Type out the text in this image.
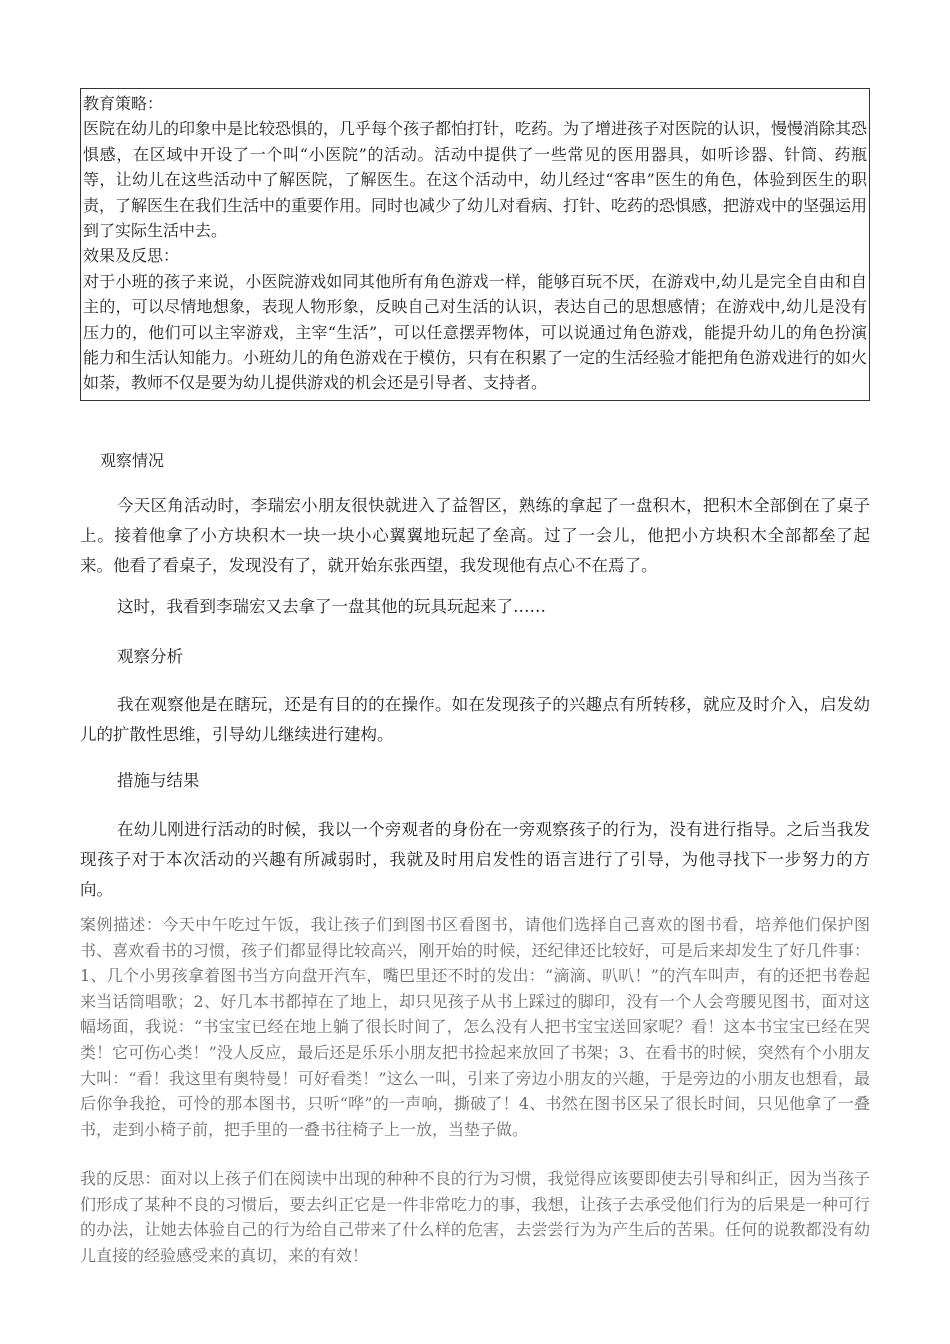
教育策略：

医院在幼儿的印象中是比较恐惧的，几乎每个孩子都怕打针，吃药。为了增进孩子对医院的认识，慢慢消除其恐惧感，在区域中开设了一个叫“小医院”的活动。活动中提供了一些常见的医用器具，如听诊器、针筒、药瓶等，让幼儿在这些活动中了解医院，了解医生。在这个活动中，幼儿经过“客串”医生的角色，体验到医生的职责，了解医生在我们生活中的重要作用。同时也减少了幼儿对看病、打针、吃药的恐惧感，把游戏中的坚强运用到了实际生活中去。

效果及反思：

对于小班的孩子来说，小医院游戏如同其他所有角色游戏一样，能够百玩不厌，在游戏中,幼儿是完全自由和自主的，可以尽情地想象，表现人物形象，反映自己对生活的认识，表达自己的思想感情；在游戏中,幼儿是没有压力的，他们可以主宰游戏，主宰“生活”，可以任意摆弄物体，可以说通过角色游戏，能提升幼儿的角色扮演能力和生活认知能力。小班幼儿的角色游戏在于模仿，只有在积累了一定的生活经验才能把角色游戏进行的如火如荼，教师不仅是要为幼儿提供游戏的机会还是引导者、支持者。

观察情况

今天区角活动时，李瑞宏小朋友很快就进入了益智区，熟练的拿起了一盘积木，把积木全部倒在了桌子上。接着他拿了小方块积木一块一块小心翼翼地玩起了垒高。过了一会儿，他把小方块积木全部都垒了起来。他看了看桌子，发现没有了，就开始东张西望，我发现他有点心不在焉了。

这时，我看到李瑞宏又去拿了一盘其他的玩具玩起来了……

观察分析

我在观察他是在瞎玩，还是有目的的在操作。如在发现孩子的兴趣点有所转移，就应及时介入，启发幼儿的扩散性思维，引导幼儿继续进行建构。

措施与结果

在幼儿刚进行活动的时候，我以一个旁观者的身份在一旁观察孩子的行为，没有进行指导。之后当我发现孩子对于本次活动的兴趣有所减弱时，我就及时用启发性的语言进行了引导，为他寻找下一步努力的方向。

案例描述：今天中午吃过午饭，我让孩子们到图书区看图书，请他们选择自己喜欢的图书看，培养他们保护图书、喜欢看书的习惯，孩子们都显得比较高兴，刚开始的时候，还纪律还比较好，可是后来却发生了好几件事：1、几个小男孩拿着图书当方向盘开汽车，嘴巴里还不时的发出：“滴滴、叭叭！”的汽车叫声，有的还把书卷起来当话筒唱歌；2、好几本书都掉在了地上，却只见孩子从书上踩过的脚印，没有一个人会弯腰见图书，面对这幅场面，我说：“书宝宝已经在地上躺了很长时间了，怎么没有人把书宝宝送回家呢？看！这本书宝宝已经在哭类！它可伤心类！”没人反应，最后还是乐乐小朋友把书捡起来放回了书架；3、在看书的时候，突然有个小朋友大叫：“看！我这里有奥特曼！可好看类！”这么一叫，引来了旁边小朋友的兴趣，于是旁边的小朋友也想看，最后你争我抢，可怜的那本图书，只听“哗”的一声响，撕破了！4、书然在图书区呆了很长时间，只见他拿了一叠书，走到小椅子前，把手里的一叠书往椅子上一放，当垫子做。

我的反思：面对以上孩子们在阅读中出现的种种不良的行为习惯，我觉得应该要即使去引导和纠正，因为当孩子们形成了某种不良的习惯后，要去纠正它是一件非常吃力的事，我想，让孩子去承受他们行为的后果是一种可行的办法，让她去体验自己的行为给自己带来了什么样的危害，去尝尝行为为产生后的苦果。任何的说教都没有幼儿直接的经验感受来的真切，来的有效！
